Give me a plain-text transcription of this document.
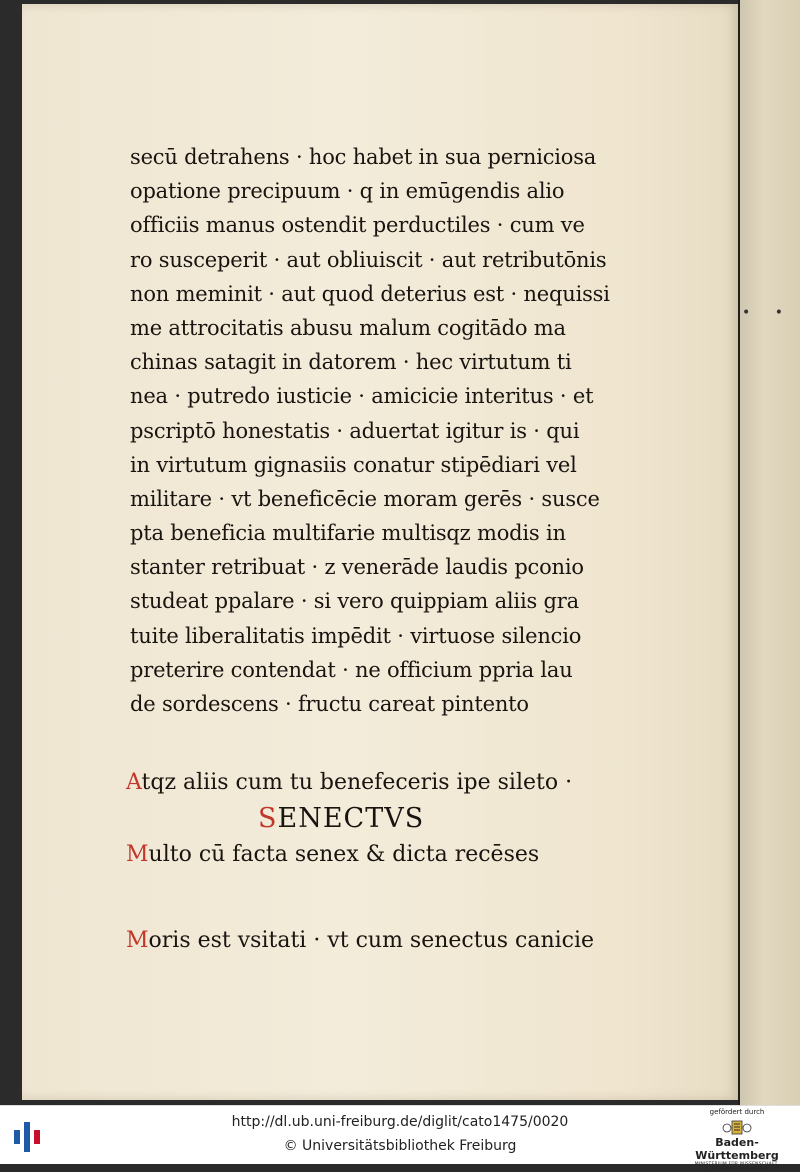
secū detrahens · hoc habet in sua perniciosa
opatione precipuum · q in emūgendis alio
officiis manus ostendit perductiles · cum ve
ro susceperit · aut obliuiscit · aut retributōnis
non meminit · aut quod deterius est · nequissi
me attrocitatis abusu malum cogitādo ma
chinas satagit in datorem · hec virtutum ti
nea · putredo iusticie · amicicie interitus · et
pscriptō honestatis · aduertat igitur is · qui
in virtutum gignasiis conatur stipēdiari vel
militare · vt beneficēcie moram gerēs · susce
pta beneficia multifarie multisqz modis in
stanter retribuat · z venerāde laudis pconio
studeat ppalare · si vero quippiam aliis gra
tuite liberalitatis impēdit · virtuose silencio
preterire contendat · ne officium ppria lau
de sordescens · fructu careat pintento
Atqz aliis cum tu benefeceris ipe sileto ·
SENECTVS
Multo cū facta senex & dicta recēses
Moris est vsitati · vt cum senectus canicie
• •
http://dl.ub.uni-freiburg.de/diglit/cato1475/0020
© Universitätsbibliothek Freiburg
gefördert durch
Baden-Württemberg
MINISTERIUM FÜR WISSENSCHAFT, FORSCHUNG UND KUNST
